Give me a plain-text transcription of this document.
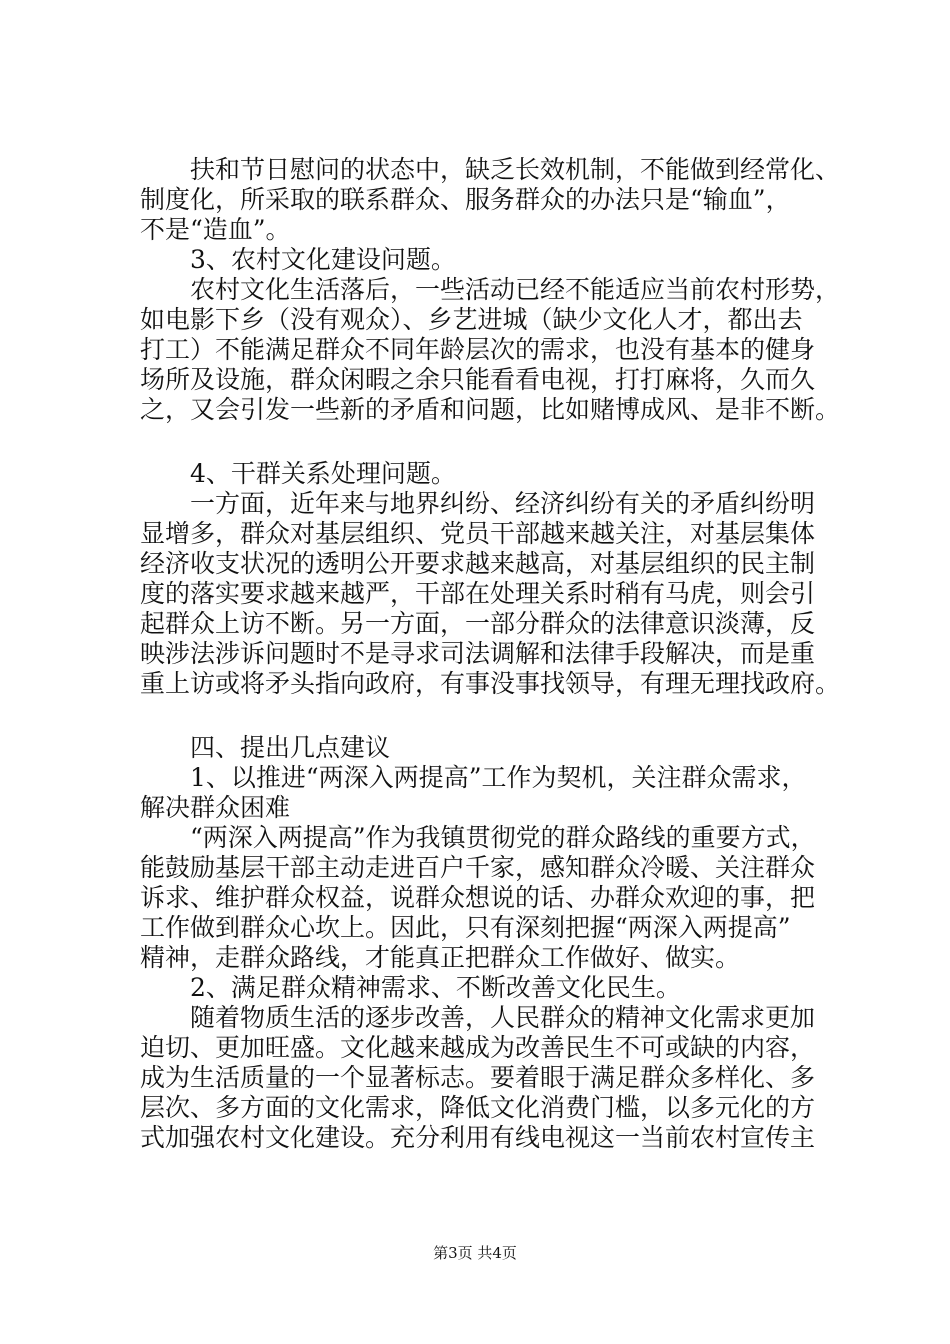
　　扶和节日慰问的状态中，缺乏长效机制，不能做到经常化、
制度化，所采取的联系群众、服务群众的办法只是“输血”，
不是“造血”。
　　3、农村文化建设问题。
　　农村文化生活落后，一些活动已经不能适应当前农村形势，
如电影下乡（没有观众）、乡艺进城（缺少文化人才，都出去
打工）不能满足群众不同年龄层次的需求，也没有基本的健身
场所及设施，群众闲暇之余只能看看电视，打打麻将，久而久
之，又会引发一些新的矛盾和问题，比如赌博成风、是非不断。
　　4、干群关系处理问题。
　　一方面，近年来与地界纠纷、经济纠纷有关的矛盾纠纷明
显增多，群众对基层组织、党员干部越来越关注，对基层集体
经济收支状况的透明公开要求越来越高，对基层组织的民主制
度的落实要求越来越严，干部在处理关系时稍有马虎，则会引
起群众上访不断。另一方面，一部分群众的法律意识淡薄，反
映涉法涉诉问题时不是寻求司法调解和法律手段解决，而是重
重上访或将矛头指向政府，有事没事找领导，有理无理找政府。
　　四、提出几点建议
　　1、以推进“两深入两提高”工作为契机，关注群众需求，
解决群众困难
　　“两深入两提高”作为我镇贯彻党的群众路线的重要方式，
能鼓励基层干部主动走进百户千家，感知群众冷暖、关注群众
诉求、维护群众权益，说群众想说的话、办群众欢迎的事，把
工作做到群众心坎上。因此，只有深刻把握“两深入两提高”
精神，走群众路线，才能真正把群众工作做好、做实。
　　2、满足群众精神需求、不断改善文化民生。
　　随着物质生活的逐步改善，人民群众的精神文化需求更加
迫切、更加旺盛。文化越来越成为改善民生不可或缺的内容，
成为生活质量的一个显著标志。要着眼于满足群众多样化、多
层次、多方面的文化需求，降低文化消费门槛，以多元化的方
式加强农村文化建设。充分利用有线电视这一当前农村宣传主
第3页 共4页
